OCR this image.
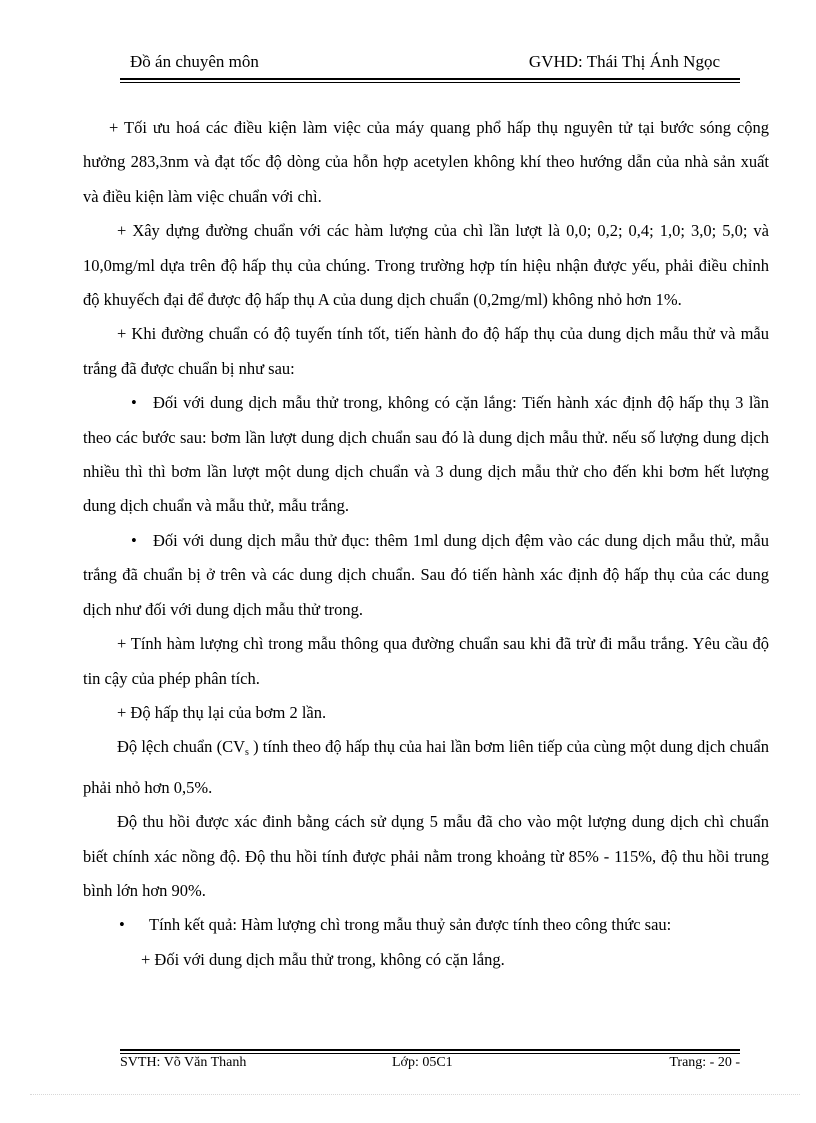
Đồ án chuyên môn	GVHD: Thái Thị Ánh Ngọc

+ Tối ưu hoá các điều kiện làm việc của máy quang phổ hấp thụ nguyên tử tại bước sóng cộng hưởng 283,3nm và đạt tốc độ dòng của hỗn hợp acetylen không khí theo hướng dẫn của nhà sản xuất và điều kiện làm việc chuẩn với chì.

+ Xây dựng đường chuẩn với các hàm lượng của chì lần lượt là 0,0; 0,2; 0,4; 1,0; 3,0; 5,0; và 10,0mg/ml dựa trên độ hấp thụ của chúng. Trong trường hợp tín hiệu nhận được yếu, phải điều chỉnh độ khuyếch đại để được độ hấp thụ A của dung dịch chuẩn (0,2mg/ml) không nhỏ hơn 1%.

+ Khi đường chuẩn có độ tuyến tính tốt, tiến hành đo độ hấp thụ của dung dịch mẫu thử và mẫu trắng đã được chuẩn bị như sau:

• Đối với dung dịch mẫu thử trong, không có cặn lắng: Tiến hành xác định độ hấp thụ 3 lần theo các bước sau: bơm lần lượt dung dịch chuẩn sau đó là dung dịch mẫu thử. nếu số lượng dung dịch nhiều thì thì bơm lần lượt một dung dịch chuẩn và 3 dung dịch mẫu thử cho đến khi bơm hết lượng dung dịch chuẩn và mẫu thử, mẫu trắng.

• Đối với dung dịch mẫu thử đục: thêm 1ml dung dịch đệm vào các dung dịch mẫu thử, mẫu trắng đã chuẩn bị ở trên và các dung dịch chuẩn. Sau đó tiến hành xác định độ hấp thụ của các dung dịch như đối với dung dịch mẫu thử trong.

+ Tính hàm lượng chì trong mẫu thông qua đường chuẩn sau khi đã trừ đi mẫu trắng. Yêu cầu độ tin cậy của phép phân tích.

+ Độ hấp thụ lại của bơm 2 lần.

Độ lệch chuẩn ($CV_s$ ) tính theo độ hấp thụ của hai lần bơm liên tiếp của cùng một dung dịch chuẩn phải nhỏ hơn 0,5%.

Độ thu hồi được xác đinh bằng cách sử dụng 5 mẫu đã cho vào một lượng dung dịch chì chuẩn biết chính xác nồng độ. Độ thu hồi tính được phải nằm trong khoảng từ 85% - 115%, độ thu hồi trung bình lớn hơn 90%.

• Tính kết quả: Hàm lượng chì trong mẫu thuỷ sản được tính theo công thức sau:

+ Đối với dung dịch mẫu thử trong, không có cặn lắng.

SVTH: Võ Văn Thanh	Lớp: 05C1	Trang: - 20 -
